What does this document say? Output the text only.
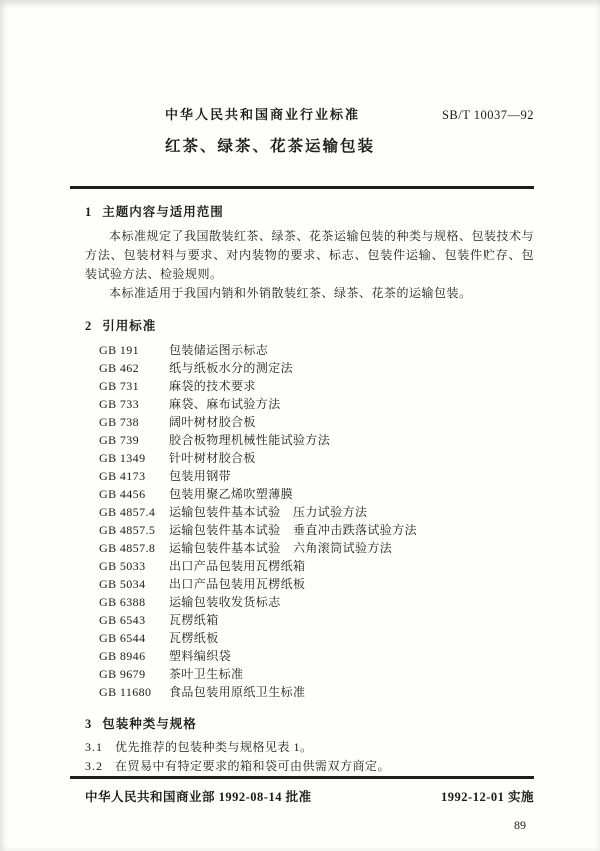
中华人民共和国商业行业标准	SB/T 10037—92
红茶、绿茶、花茶运输包装
1 主题内容与适用范围

本标准规定了我国散装红茶、绿茶、花茶运输包装的种类与规格、包装技术与方法、包装材料与要求、对内装物的要求、标志、包装件运输、包装件贮存、包装试验方法、检验规则。

本标准适用于我国内销和外销散装红茶、绿茶、花茶的运输包装。

2 引用标准
GB 191 包装储运图示标志
GB 462 纸与纸板水分的测定法
GB 731 麻袋的技术要求
GB 733 麻袋、麻布试验方法
GB 738 阔叶树材胶合板
GB 739 胶合板物理机械性能试验方法
GB 1349 针叶树材胶合板
GB 4173 包装用钢带
GB 4456 包装用聚乙烯吹塑薄膜
GB 4857.4 运输包装件基本试验　压力试验方法
GB 4857.5 运输包装件基本试验　垂直冲击跌落试验方法
GB 4857.8 运输包装件基本试验　六角滚筒试验方法
GB 5033 出口产品包装用瓦楞纸箱
GB 5034 出口产品包装用瓦楞纸板
GB 6388 运输包装收发货标志
GB 6543 瓦楞纸箱
GB 6544 瓦楞纸板
GB 8946 塑料编织袋
GB 9679 茶叶卫生标准
GB 11680 食品包装用原纸卫生标准
3 包装种类与规格
3.1 优先推荐的包装种类与规格见表 1。
3.2 在贸易中有特定要求的箱和袋可由供需双方商定。
中华人民共和国商业部 1992-08-14 批准	1992-12-01 实施
89
